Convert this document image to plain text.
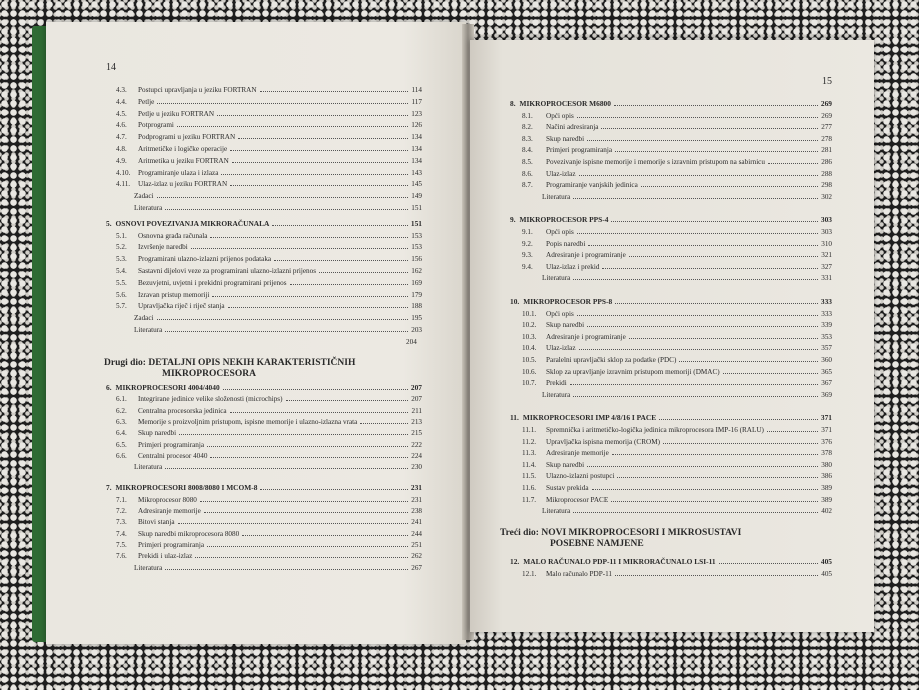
14
4.3.	Postupci upravljanja u jeziku FORTRAN	114
4.4.	Petlje	117
4.5.	Petlje u jeziku FORTRAN	123
4.6.	Potprogrami	126
4.7.	Podprogrami u jeziku FORTRAN	134
4.8.	Aritmetičke i logičke operacije	134
4.9.	Aritmetika u jeziku FORTRAN	134
4.10.	Programiranje ulaza i izlaza	143
4.11.	Ulaz-izlaz u jeziku FORTRAN	145
Zadaci	149
Literatura	151
5. OSNOVI POVEZIVANJA MIKRORAČUNALA	151
5.1.	Osnovna građa računala	153
5.2.	Izvršenje naredbi	153
5.3.	Programirani ulazno-izlazni prijenos podataka	156
5.4.	Sastavni dijelovi veze za programirani ulazno-izlazni prijenos	162
5.5.	Bezuvjetni, uvjetni i prekidni programirani prijenos	169
5.6.	Izravan pristup memoriji	179
5.7.	Upravljačka riječ i riječ stanja	188
Zadaci	195
Literatura	203
204
Drugi dio: DETALJNI OPIS NEKIH KARAKTERISTIČNIH
MIKROPROCESORA
6. MIKROPROCESORI 4004/4040	207
6.1.	Integrirane jedinice velike složenosti (microchips)	207
6.2.	Centralna procesorska jedinica	211
6.3.	Memorije s proizvoljnim pristupom, ispisne memorije i ulazno-izlazna vrata	213
6.4.	Skup naredbi	215
6.5.	Primjeri programiranja	222
6.6.	Centralni procesor 4040	224
Literatura	230
7. MIKROPROCESORI 8008/8080 I MCOM-8	231
7.1.	Mikroprocesor 8080	231
7.2.	Adresiranje memorije	238
7.3.	Bitovi stanja	241
7.4.	Skup naredbi mikroprocesora 8080	244
7.5.	Primjeri programiranja	251
7.6.	Prekidi i ulaz-izlaz	262
Literatura	267
15
8. MIKROPROCESOR M6800	269
8.1.	Opći opis	269
8.2.	Načini adresiranja	277
8.3.	Skup naredbi	278
8.4.	Primjeri programiranja	281
8.5.	Povezivanje ispisne memorije i memorije s izravnim pristupom na sabirnicu	286
8.6.	Ulaz-izlaz	288
8.7.	Programiranje vanjskih jedinica	298
Literatura	302
9. MIKROPROCESOR PPS-4	303
9.1.	Opći opis	303
9.2.	Popis naredbi	310
9.3.	Adresiranje i programiranje	321
9.4.	Ulaz-izlaz i prekid	327
Literatura	331
10. MIKROPROCESOR PPS-8	333
10.1.	Opći opis	333
10.2.	Skup naredbi	339
10.3.	Adresiranje i programiranje	353
10.4.	Ulaz-izlaz	357
10.5.	Paralelni upravljački sklop za podatke (PDC)	360
10.6.	Sklop za upravljanje izravnim pristupom memoriji (DMAC)	365
10.7.	Prekidi	367
Literatura	369
11. MIKROPROCESORI IMP 4/8/16 I PACE	371
11.1.	Spremnička i aritmetičko-logička jedinica mikroprocesora IMP-16 (RALU)	371
11.2.	Upravljačka ispisna memorija (CROM)	376
11.3.	Adresiranje memorije	378
11.4.	Skup naredbi	380
11.5.	Ulazno-izlazni postupci	386
11.6.	Sustav prekida	389
11.7.	Mikroprocesor PACE	389
Literatura	402
Treći dio: NOVI MIKROPROCESORI I MIKROSUSTAVI
POSEBNE NAMJENE
12. MALO RAČUNALO PDP-11 I MIKRORAČUNALO LSI-11	405
12.1.	Malo računalo PDP-11	405
